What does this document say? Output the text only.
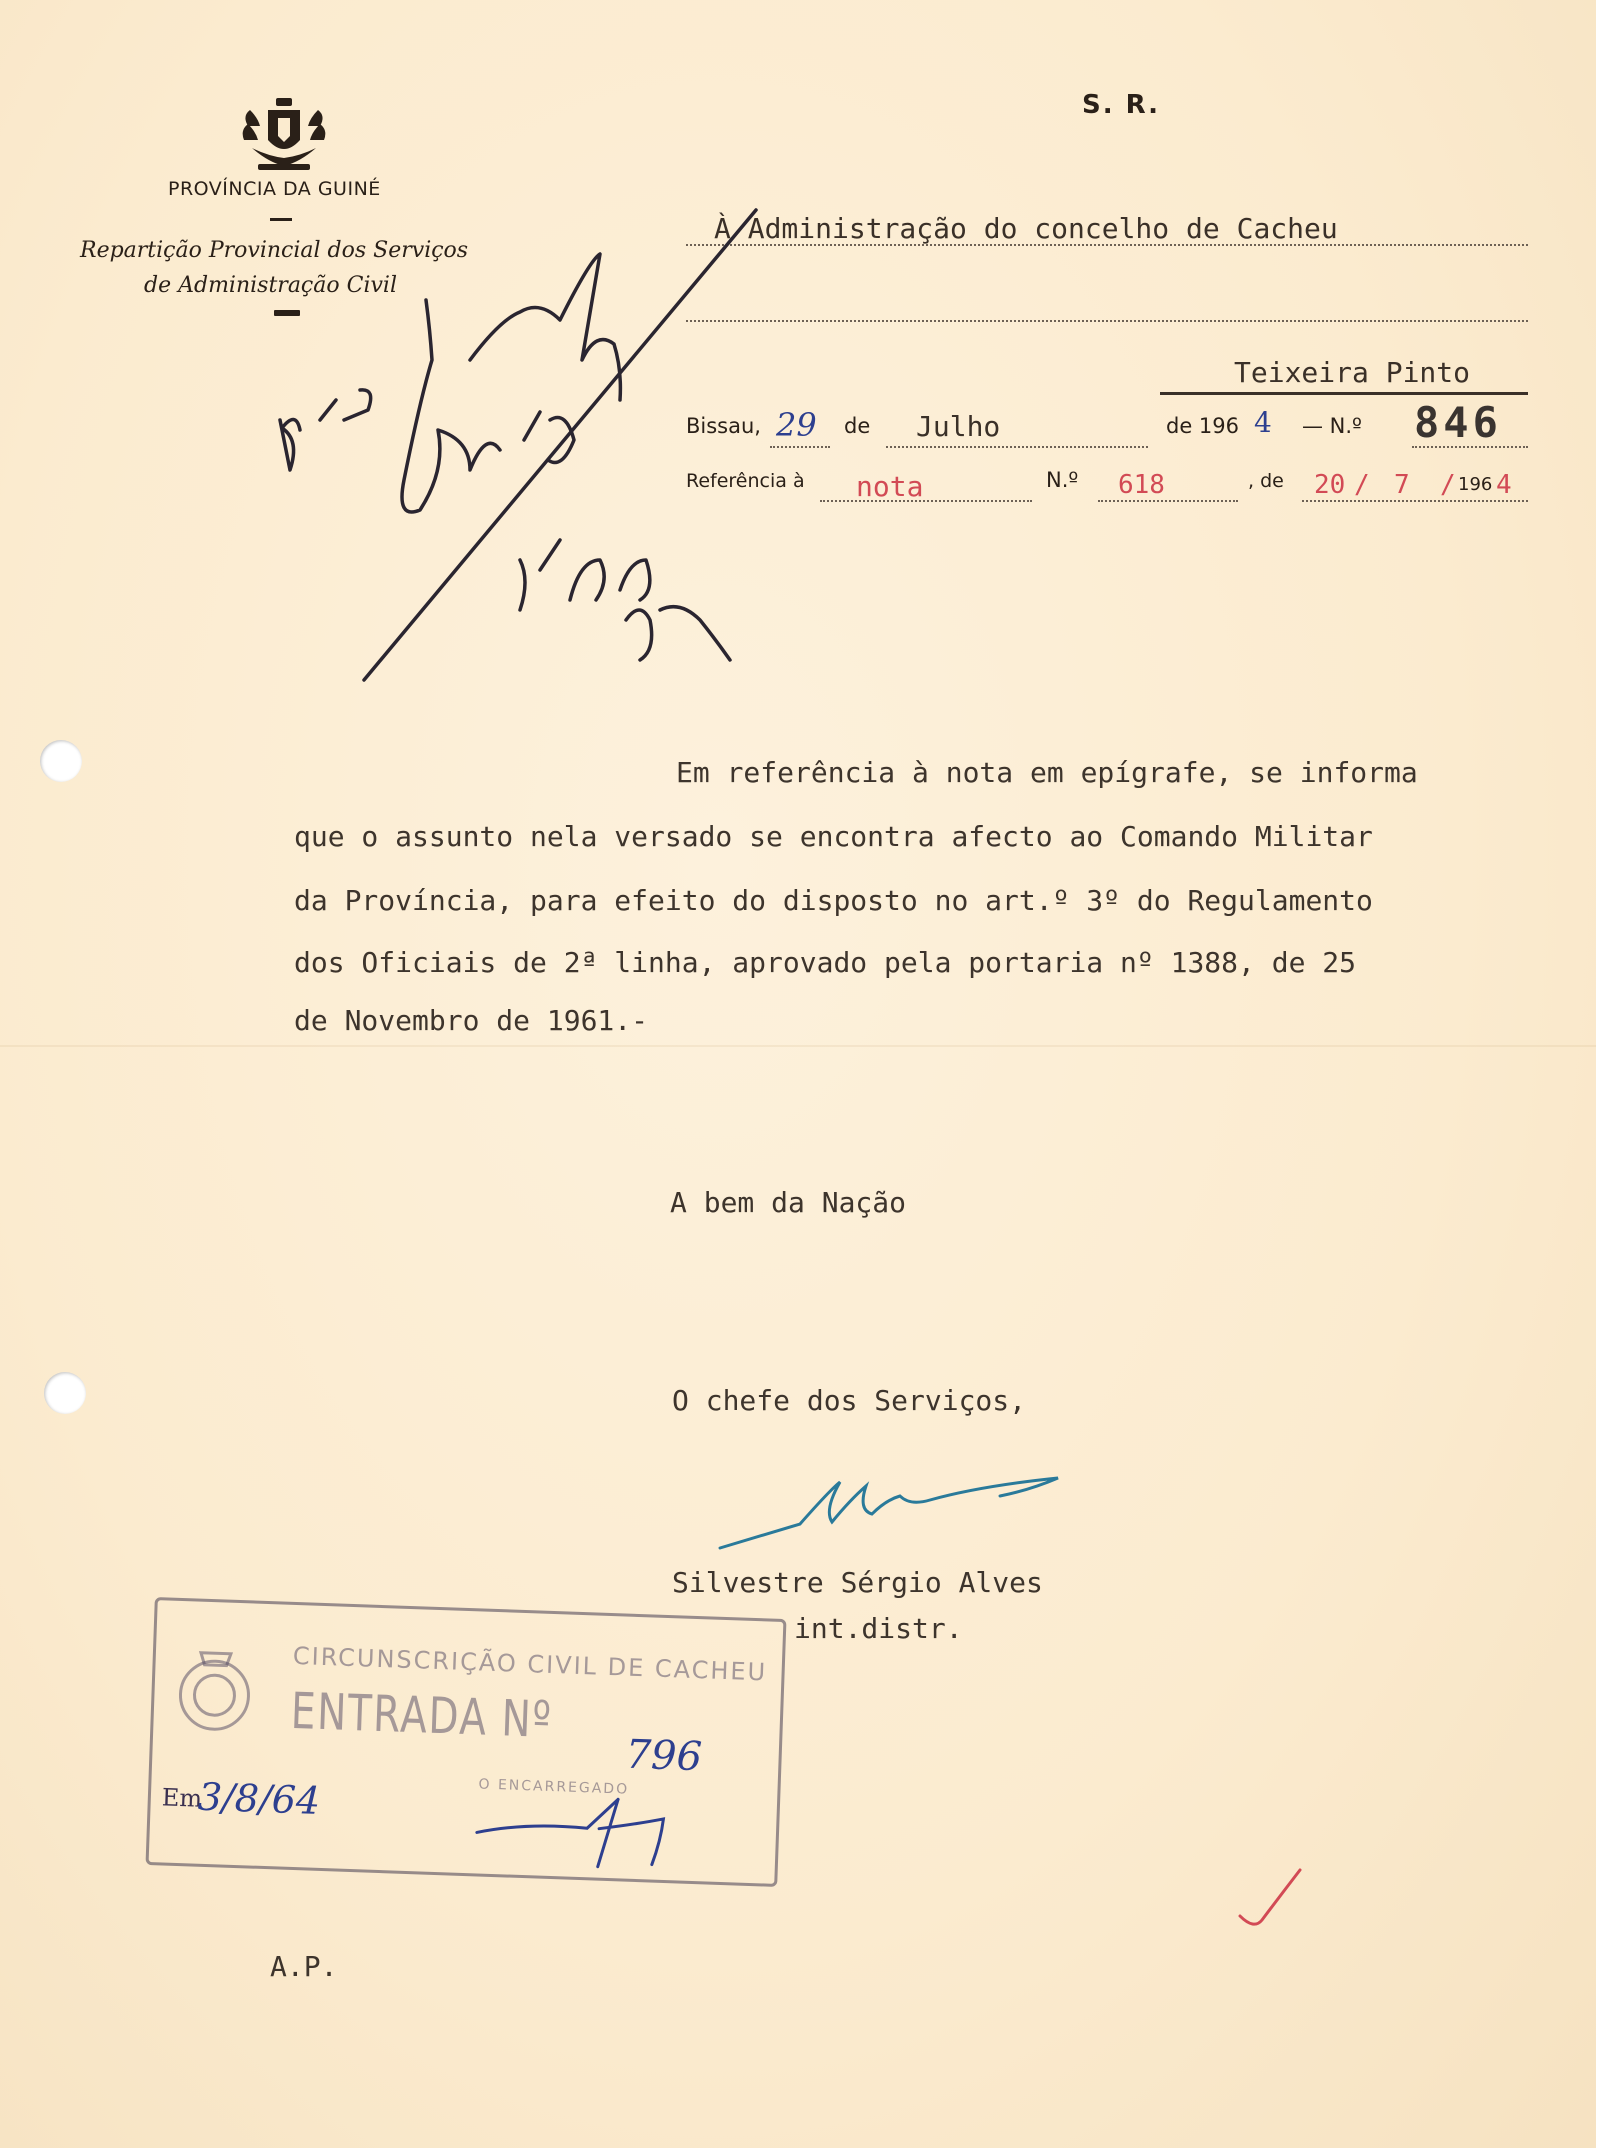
PROVÍNCIA DA GUINÉ
Repartição Provincial dos Serviços
de Administração Civil
S. R.
À Administração do concelho de Cacheu
Teixeira Pinto
Bissau, 29 de Julho	de 196 4 — N.º 846
Referência à nota	N.º 618	, de 20 / 7 / 196 4
Em referência à nota em epígrafe, se informa
que o assunto nela versado se encontra afecto ao Comando Militar
da Província, para efeito do disposto no art.º 3º do Regulamento
dos Oficiais de 2ª linha, aprovado pela portaria nº 1388, de 25
de Novembro de 1961.-
A bem da Nação
O chefe dos Serviços,
Silvestre Sérgio Alves
int.distr.
CIRCUNSCRIÇÃO CIVIL DE CACHEU
ENTRADA Nº
796
O ENCARREGADO
Em
3/8/64
A.P.
